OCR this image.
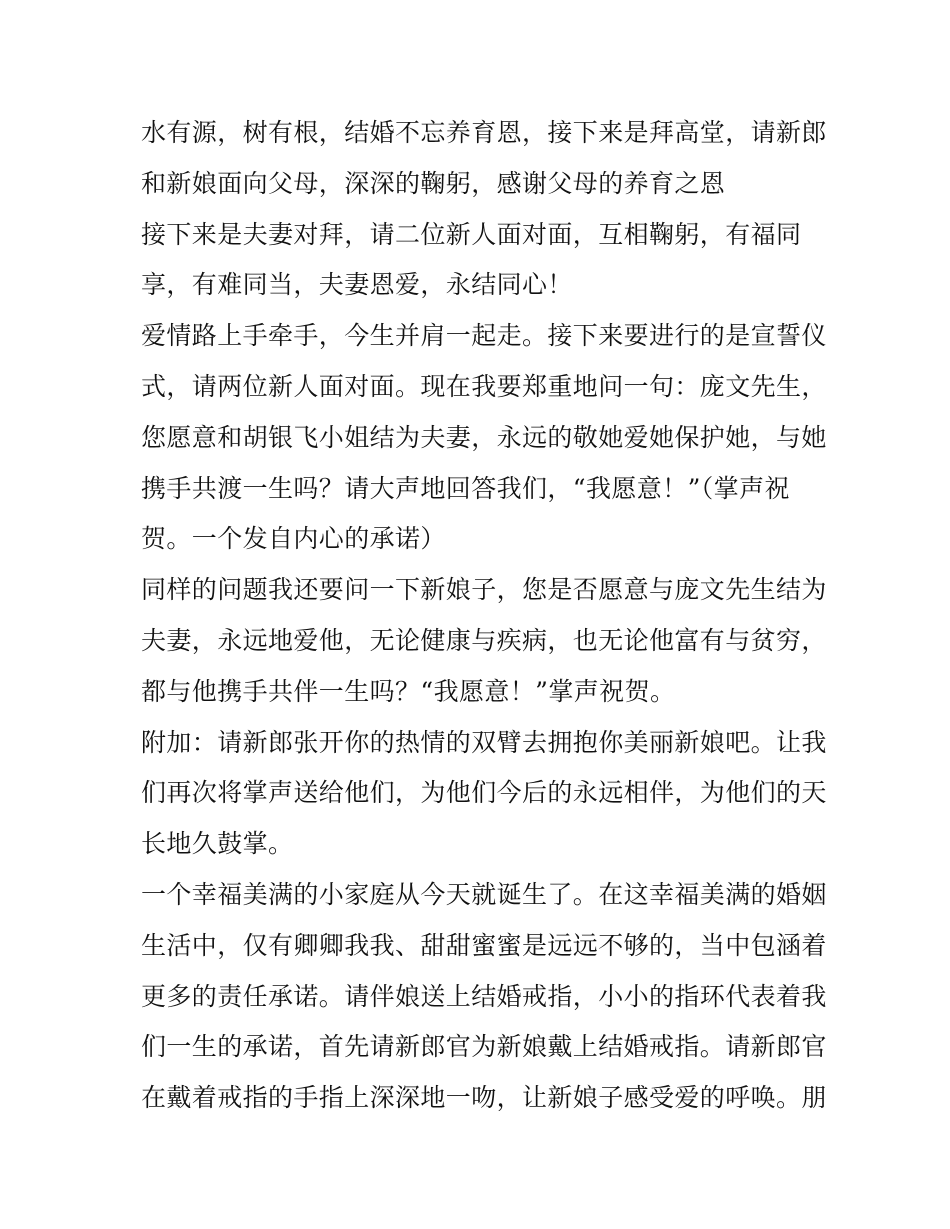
水有源，树有根，结婚不忘养育恩，接下来是拜高堂，请新郎
和新娘面向父母，深深的鞠躬，感谢父母的养育之恩

接下来是夫妻对拜，请二位新人面对面，互相鞠躬，有福同
享，有难同当，夫妻恩爱，永结同心！

爱情路上手牵手，今生并肩一起走。接下来要进行的是宣誓仪
式，请两位新人面对面。现在我要郑重地问一句：庞文先生，
您愿意和胡银飞小姐结为夫妻，永远的敬她爱她保护她，与她
携手共渡一生吗？请大声地回答我们，“我愿意！”（掌声祝
贺。一个发自内心的承诺）

同样的问题我还要问一下新娘子，您是否愿意与庞文先生结为
夫妻，永远地爱他，无论健康与疾病，也无论他富有与贫穷，
都与他携手共伴一生吗？“我愿意！”掌声祝贺。

附加：请新郎张开你的热情的双臂去拥抱你美丽新娘吧。让我
们再次将掌声送给他们，为他们今后的永远相伴，为他们的天
长地久鼓掌。

一个幸福美满的小家庭从今天就诞生了。在这幸福美满的婚姻
生活中，仅有卿卿我我、甜甜蜜蜜是远远不够的，当中包涵着
更多的责任承诺。请伴娘送上结婚戒指，小小的指环代表着我
们一生的承诺，首先请新郎官为新娘戴上结婚戒指。请新郎官
在戴着戒指的手指上深深地一吻，让新娘子感受爱的呼唤。朋
